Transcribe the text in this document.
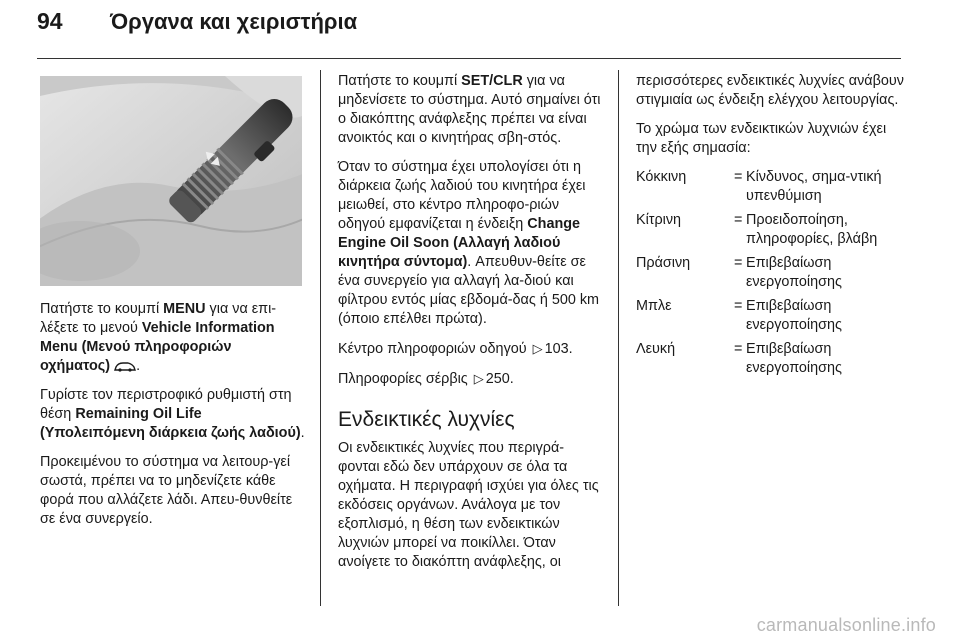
94	Όργανα και χειριστήρια

Πατήστε το κουμπί MENU για να επι-λέξετε το μενού Vehicle Information Menu (Μενού πληροφοριών οχήματος) .

Γυρίστε τον περιστροφικό ρυθμιστή στη θέση Remaining Oil Life (Υπολειπόμενη διάρκεια ζωής λαδιού).

Προκειμένου το σύστημα να λειτουρ-γεί σωστά, πρέπει να το μηδενίζετε κάθε φορά που αλλάζετε λάδι. Απευ-θυνθείτε σε ένα συνεργείο.

Πατήστε το κουμπί SET/CLR για να μηδενίσετε το σύστημα. Αυτό σημαίνει ότι ο διακόπτης ανάφλεξης πρέπει να είναι ανοικτός και ο κινητήρας σβη-στός.

Όταν το σύστημα έχει υπολογίσει ότι η διάρκεια ζωής λαδιού του κινητήρα έχει μειωθεί, στο κέντρο πληροφο-ριών οδηγού εμφανίζεται η ένδειξη Change Engine Oil Soon (Αλλαγή λαδιού κινητήρα σύντομα). Απευθυν-θείτε σε ένα συνεργείο για αλλαγή λα-διού και φίλτρου εντός μίας εβδομά-δας ή 500 km (όποιο επέλθει πρώτα).

Κέντρο πληροφοριών οδηγού ▷ 103.

Πληροφορίες σέρβις ▷ 250.

Ενδεικτικές λυχνίες

Οι ενδεικτικές λυχνίες που περιγρά-φονται εδώ δεν υπάρχουν σε όλα τα οχήματα. Η περιγραφή ισχύει για όλες τις εκδόσεις οργάνων. Ανάλογα με τον εξοπλισμό, η θέση των ενδεικτικών λυχνιών μπορεί να ποικίλλει. Όταν ανοίγετε το διακόπτη ανάφλεξης, οι

περισσότερες ενδεικτικές λυχνίες ανάβουν στιγμιαία ως ένδειξη ελέγχου λειτουργίας.

Το χρώμα των ενδεικτικών λυχνιών έχει την εξής σημασία:

Κόκκινη	= Κίνδυνος, σημα-ντική υπενθύμιση
Κίτρινη	= Προειδοποίηση, πληροφορίες, βλάβη
Πράσινη	= Επιβεβαίωση ενεργοποίησης
Μπλε	= Επιβεβαίωση ενεργοποίησης
Λευκή	= Επιβεβαίωση ενεργοποίησης
carmanualsonline.info
